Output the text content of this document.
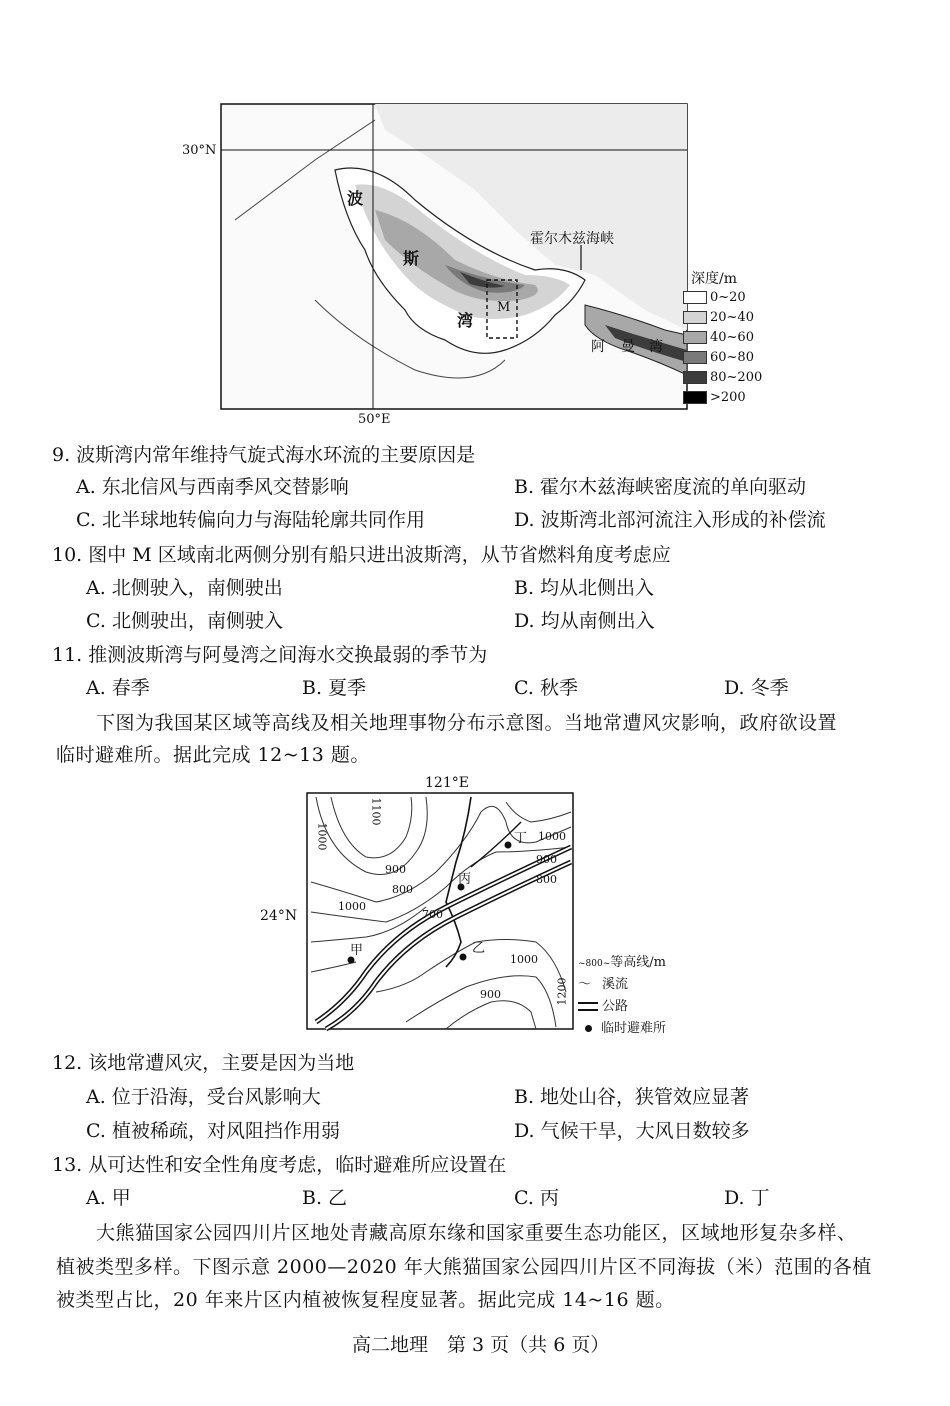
30°N
50°E
波
斯
湾
M
霍尔木兹海峡
阿 曼 湾
深度/m
0~20
20~40
40~60
60~80
80~200
>200
9. 波斯湾内常年维持气旋式海水环流的主要原因是
A. 东北信风与西南季风交替影响	B. 霍尔木兹海峡密度流的单向驱动
C. 北半球地转偏向力与海陆轮廓共同作用	D. 波斯湾北部河流注入形成的补偿流
10. 图中 M 区域南北两侧分别有船只进出波斯湾，从节省燃料角度考虑应
A. 北侧驶入，南侧驶出	B. 均从北侧出入
C. 北侧驶出，南侧驶入	D. 均从南侧出入
11. 推测波斯湾与阿曼湾之间海水交换最弱的季节为
A. 春季	B. 夏季	C. 秋季	D. 冬季
下图为我国某区域等高线及相关地理事物分布示意图。当地常遭风灾影响，政府欲设置
临时避难所。据此完成 12~13 题。
121°E
24°N
1100
1000
900
800
1000
900
800
700
1000
900
1000
1200
甲	乙
丙
丁
~800~等高线/m
〜 溪流
公路
临时避难所
12. 该地常遭风灾，主要是因为当地
A. 位于沿海，受台风影响大	B. 地处山谷，狭管效应显著
C. 植被稀疏，对风阻挡作用弱	D. 气候干旱，大风日数较多
13. 从可达性和安全性角度考虑，临时避难所应设置在
A. 甲	B. 乙	C. 丙	D. 丁
大熊猫国家公园四川片区地处青藏高原东缘和国家重要生态功能区，区域地形复杂多样、
植被类型多样。下图示意 2000—2020 年大熊猫国家公园四川片区不同海拔（米）范围的各植
被类型占比，20 年来片区内植被恢复程度显著。据此完成 14~16 题。
高二地理　第 3 页（共 6 页）
